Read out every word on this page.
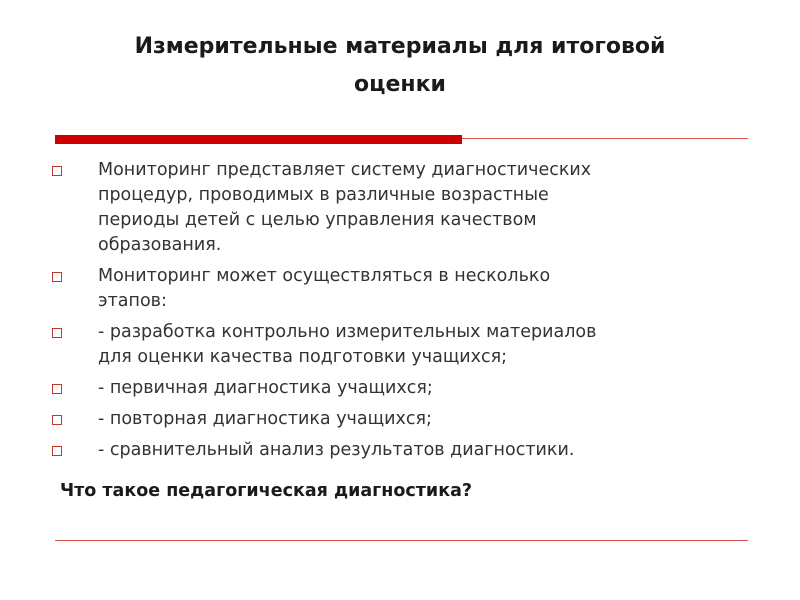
Измерительные материалы для итоговой
оценки
Мониторинг представляет систему диагностических
процедур, проводимых в различные возрастные
периоды детей с целью управления качеством
образования.
Мониторинг может осуществляться в несколько
этапов:
- разработка контрольно измерительных материалов
для оценки качества подготовки учащихся;
- первичная диагностика учащихся;
- повторная диагностика учащихся;
- сравнительный анализ результатов диагностики.
Что такое педагогическая диагностика?
